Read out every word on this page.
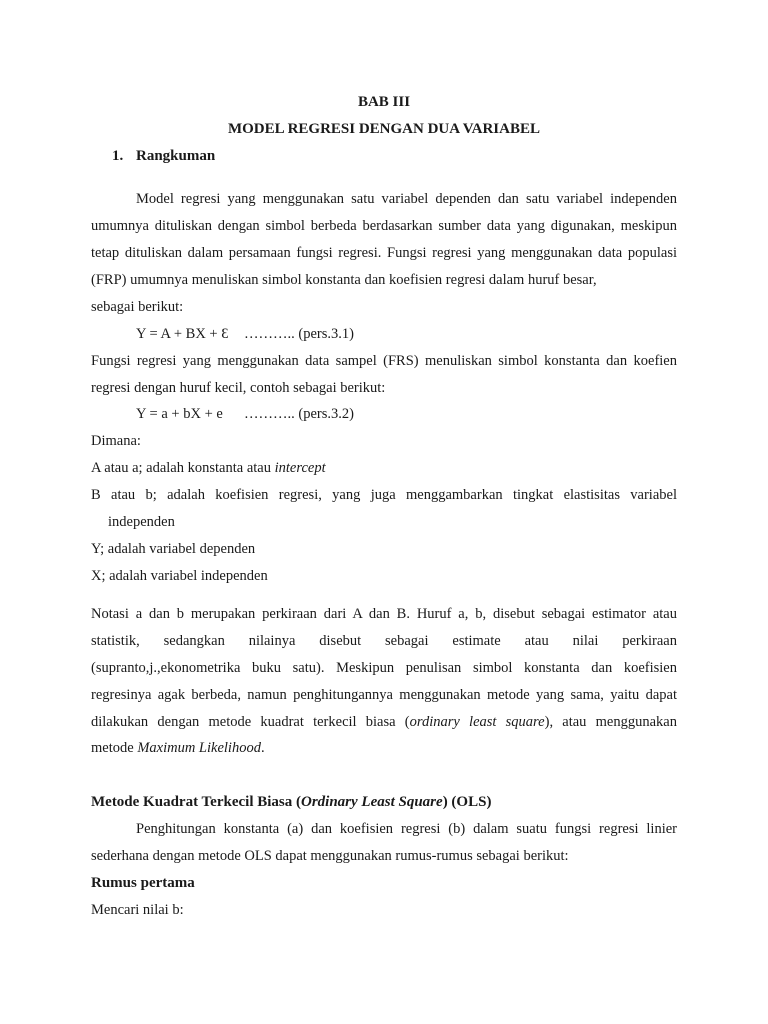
BAB III
MODEL REGRESI DENGAN DUA VARIABEL
1. Rangkuman
Model regresi yang menggunakan satu variabel dependen dan satu variabel independen
umumnya dituliskan dengan simbol berbeda berdasarkan sumber data yang digunakan, meskipun
tetap dituliskan dalam persamaan fungsi regresi. Fungsi regresi yang menggunakan data populasi
(FRP) umumnya menuliskan simbol konstanta dan koefisien regresi dalam huruf besar,
sebagai berikut:
Y = A + BX + Ɛ ……….. (pers.3.1)
Fungsi regresi yang menggunakan data sampel (FRS) menuliskan simbol konstanta dan koefien
regresi dengan huruf kecil, contoh sebagai berikut:
Y = a + bX + e ……….. (pers.3.2)
Dimana:
A atau a; adalah konstanta atau intercept
B atau b; adalah koefisien regresi, yang juga menggambarkan tingkat elastisitas variabel
independen
Y; adalah variabel dependen
X; adalah variabel independen
Notasi a dan b merupakan perkiraan dari A dan B. Huruf a, b, disebut sebagai estimator atau
statistik, sedangkan nilainya disebut sebagai estimate atau nilai perkiraan
(supranto,j.,ekonometrika buku satu). Meskipun penulisan simbol konstanta dan koefisien
regresinya agak berbeda, namun penghitungannya menggunakan metode yang sama, yaitu dapat
dilakukan dengan metode kuadrat terkecil biasa (ordinary least square), atau menggunakan
metode Maximum Likelihood.
Metode Kuadrat Terkecil Biasa (Ordinary Least Square) (OLS)
Penghitungan konstanta (a) dan koefisien regresi (b) dalam suatu fungsi regresi linier
sederhana dengan metode OLS dapat menggunakan rumus-rumus sebagai berikut:
Rumus pertama
Mencari nilai b:
